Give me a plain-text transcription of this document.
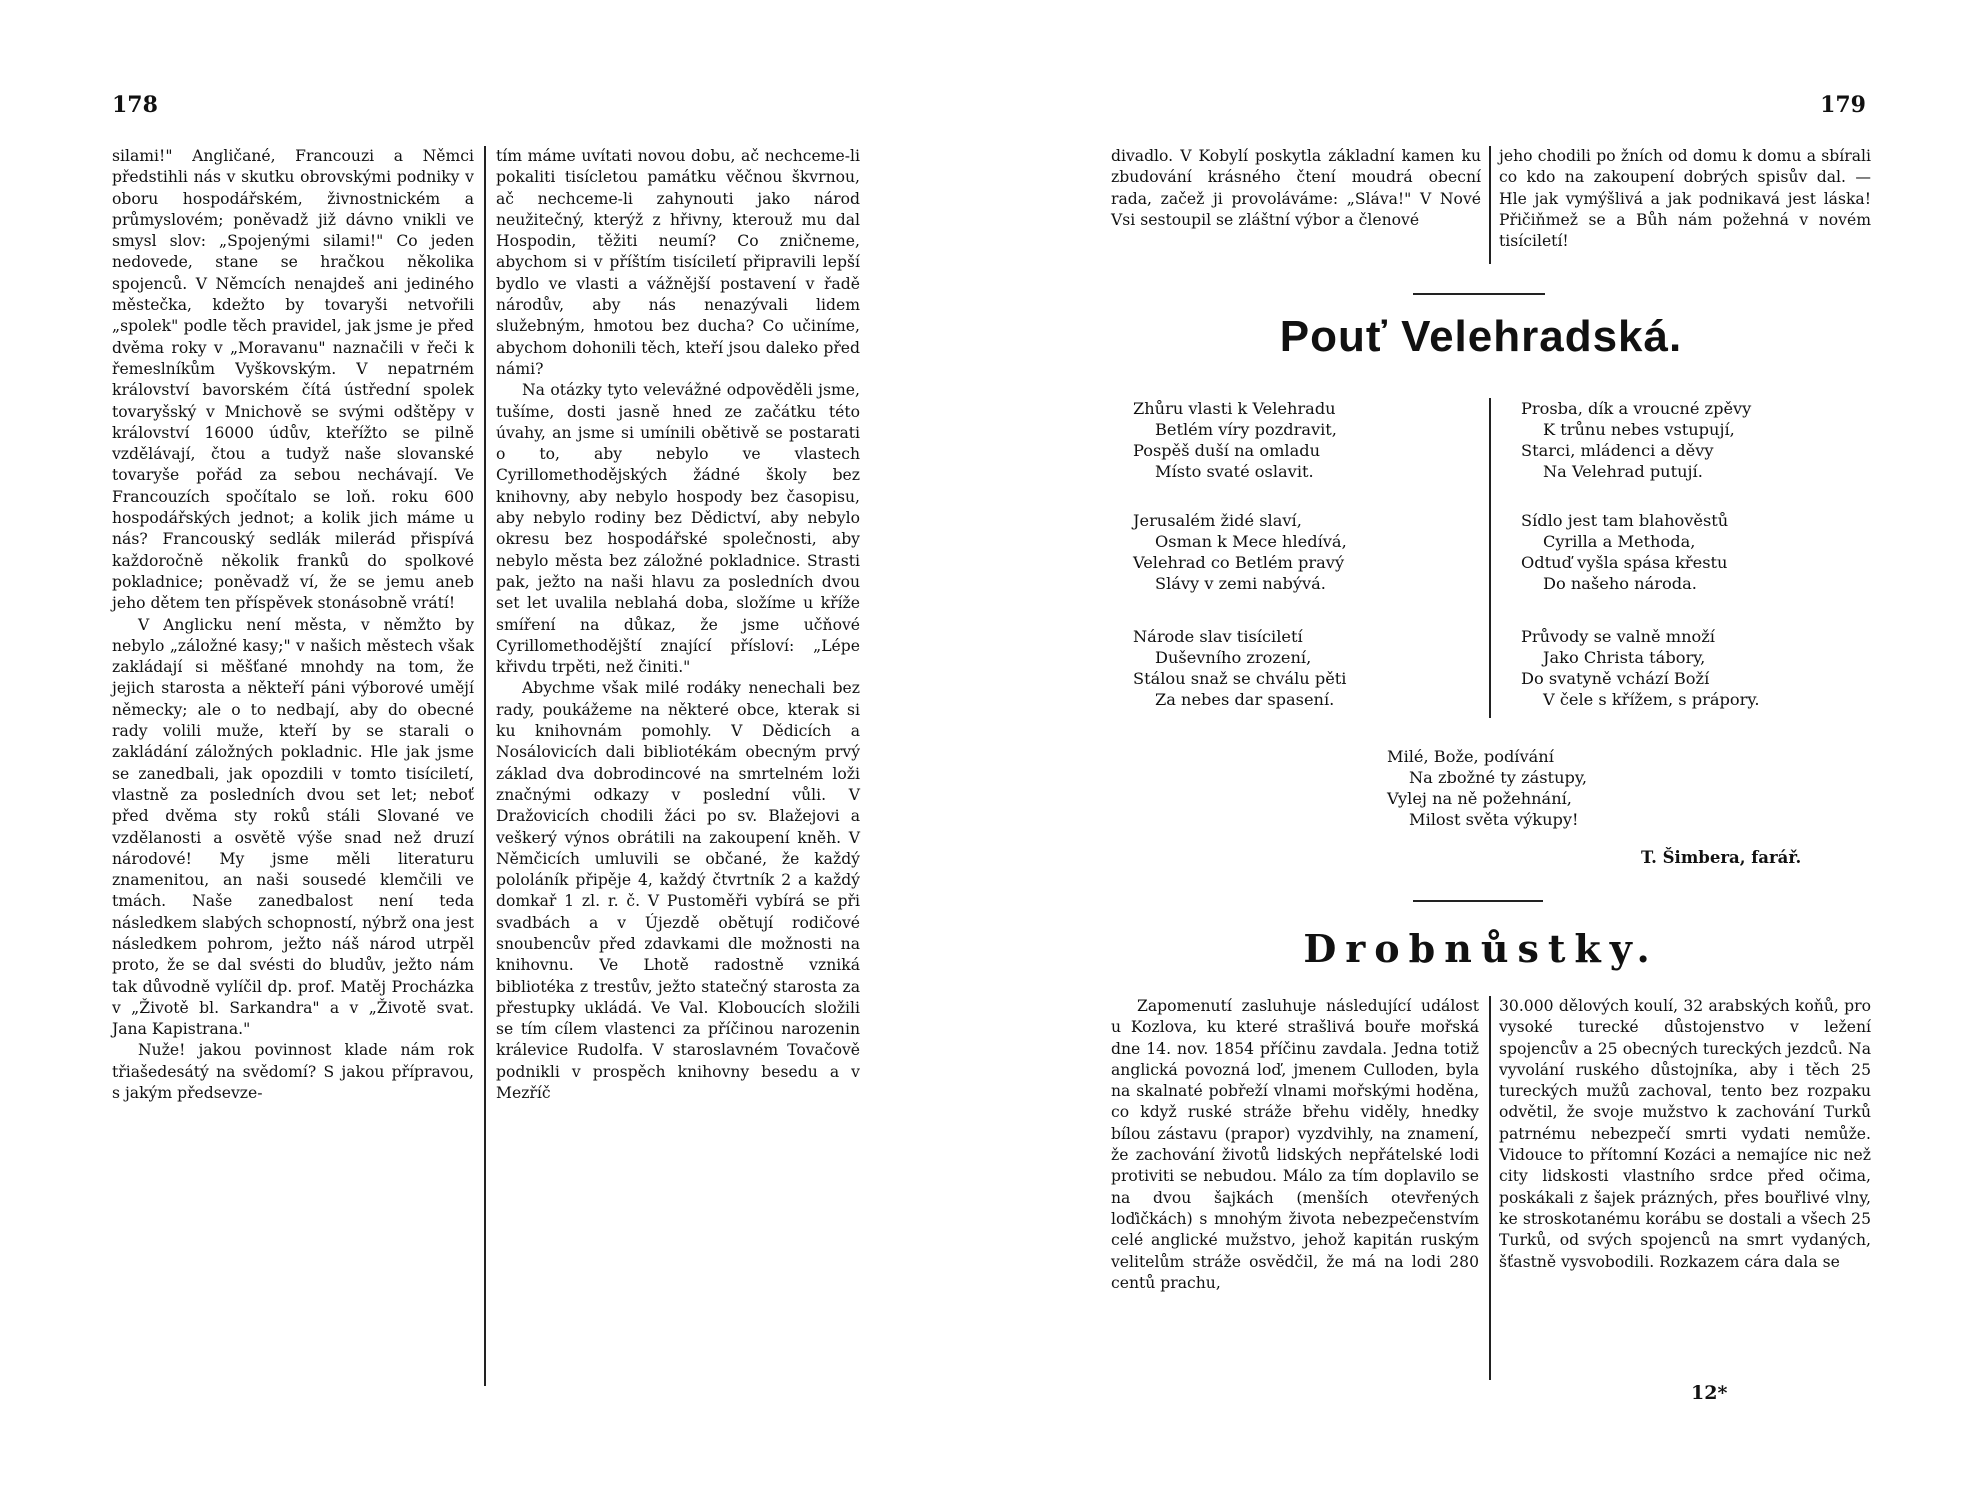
178

silami!" Angličané, Francouzi a Němci předstihli nás v skutku obrovskými podniky v oboru hospodářském, živnostnickém a průmyslovém; poněvadž již dávno vnikli ve smysl slov: „Spojenými silami!" Co jeden nedovede, stane se hračkou několika spojenců. V Němcích nenajdeš ani jediného městečka, kdežto by tovaryši netvořili „spolek" podle těch pravidel, jak jsme je před dvěma roky v „Moravanu" naznačili v řeči k řemeslníkům Vyškovským. V nepatrném království bavorském čítá ústřední spolek tovaryšský v Mnichově se svými odštěpy v království 16000 údův, kteřížto se pilně vzdělávají, čtou a tudyž naše slovanské tovaryše pořád za sebou nechávají. Ve Francouzích spočítalo se loň. roku 600 hospodářských jednot; a kolik jich máme u nás? Francouský sedlák milerád přispívá každoročně několik franků do spolkové pokladnice; poněvadž ví, že se jemu aneb jeho dětem ten příspěvek stonásobně vrátí!

V Anglicku není města, v němžto by nebylo „záložné kasy;" v našich městech však zakládají si měšťané mnohdy na tom, že jejich starosta a někteří páni výborové umějí německy; ale o to nedbají, aby do obecné rady volili muže, kteří by se starali o zakládání záložných pokladnic. Hle jak jsme se zanedbali, jak opozdili v tomto tisíciletí, vlastně za posledních dvou set let; neboť před dvěma sty roků stáli Slované ve vzdělanosti a osvětě výše snad než druzí národové! My jsme měli literaturu znamenitou, an naši sousedé klemčili ve tmách. Naše zanedbalost není teda následkem slabých schopností, nýbrž ona jest následkem pohrom, ježto náš národ utrpěl proto, že se dal svésti do bludův, ježto nám tak důvodně vylíčil dp. prof. Matěj Procházka v „Životě bl. Sarkandra" a v „Životě svat. Jana Kapistrana."

Nuže! jakou povinnost klade nám rok třiašedesátý na svědomí? S jakou přípravou, s jakým předsevze-

tím máme uvítati novou dobu, ač nechceme-li pokaliti tisícletou památku věčnou škvrnou, ač nechceme-li zahynouti jako národ neužitečný, kterýž z hřivny, kterouž mu dal Hospodin, těžiti neumí? Co zničneme, abychom si v příštím tisíciletí připravili lepší bydlo ve vlasti a vážnější postavení v řadě národův, aby nás nenazývali lidem služebným, hmotou bez ducha? Co učiníme, abychom dohonili těch, kteří jsou daleko před námi?

Na otázky tyto velevážné odpověděli jsme, tušíme, dosti jasně hned ze začátku této úvahy, an jsme si umínili obětivě se postarati o to, aby nebylo ve vlastech Cyrillomethodějských žádné školy bez knihovny, aby nebylo hospody bez časopisu, aby nebylo rodiny bez Dědictví, aby nebylo okresu bez hospodářské společnosti, aby nebylo města bez záložné pokladnice. Strasti pak, ježto na naši hlavu za posledních dvou set let uvalila neblahá doba, složíme u kříže smíření na důkaz, že jsme učňové Cyrillomethodějští znající přísloví: „Lépe křivdu trpěti, než činiti."

Abychme však milé rodáky nenechali bez rady, poukážeme na některé obce, kterak si ku knihovnám pomohly. V Dědicích a Nosálovicích dali bibliotékám obecným prvý základ dva dobrodincové na smrtelném loži značnými odkazy v poslední vůli. V Dražovicích chodili žáci po sv. Blažejovi a veškerý výnos obrátili na zakoupení kněh. V Němčicích umluvili se občané, že každý pololáník připěje 4, každý čtvrtník 2 a každý domkař 1 zl. r. č. V Pustoměři vybírá se při svadbách a v Újezdě obětují rodičové snoubencův před zdavkami dle možnosti na knihovnu. Ve Lhotě radostně vzniká bibliotéka z trestův, ježto statečný starosta za přestupky ukládá. Ve Val. Kloboucích složili se tím cílem vlastenci za příčinou narozenin králevice Rudolfa. V staroslavném Tovačově podnikli v prospěch knihovny besedu a v Mezříč

179

divadlo. V Kobylí poskytla základní kamen ku zbudování krásného čtení moudrá obecní rada, začež ji provoláváme: „Sláva!" V Nové Vsi sestoupil se zláštní výbor a členové

jeho chodili po žních od domu k domu a sbírali co kdo na zakoupení dobrých spisův dal. — Hle jak vymýšlivá a jak podnikavá jest láska! Přičiňmež se a Bůh nám požehná v novém tisíciletí!

Pouť Velehradská.
Zhůru vlasti k Velehradu
Betlém víry pozdravit,
Pospěš duší na omladu
Místo svaté oslavit.
Jerusalém židé slaví,
Osman k Mece hledívá,
Velehrad co Betlém pravý
Slávy v zemi nabývá.
Národe slav tisíciletí
Duševního zrození,
Stálou snaž se chválu pěti
Za nebes dar spasení.
Prosba, dík a vroucné zpěvy
K trůnu nebes vstupují,
Starci, mládenci a děvy
Na Velehrad putují.
Sídlo jest tam blahověstů
Cyrilla a Methoda,
Odtuď vyšla spása křestu
Do našeho národa.
Průvody se valně množí
Jako Christa tábory,
Do svatyně vchází Boží
V čele s křížem, s prápory.
Milé, Bože, podívání
Na zbožné ty zástupy,
Vylej na ně požehnání,
Milost světa výkupy!
T. Šimbera, farář.
Drobnůstky.

Zapomenutí zasluhuje následující událost u Kozlova, ku které strašlivá bouře mořská dne 14. nov. 1854 příčinu zavdala. Jedna totiž anglická povozná loď, jmenem Culloden, byla na skalnaté pobřeží vlnami mořskými hoděna, co když ruské stráže břehu viděly, hnedky bílou zástavu (prapor) vyzdvihly, na znamení, že zachování životů lidských nepřátelské lodi protiviti se nebudou. Málo za tím doplavilo se na dvou šajkách (menších otevřených loďičkách) s mnohým života nebezpečenstvím celé anglické mužstvo, jehož kapitán ruským velitelům stráže osvědčil, že má na lodi 280 centů prachu,

30.000 dělových koulí, 32 arabských koňů, pro vysoké turecké důstojenstvo v ležení spojencův a 25 obecných tureckých jezdců. Na vyvolání ruského důstojníka, aby i těch 25 tureckých mužů zachoval, tento bez rozpaku odvětil, že svoje mužstvo k zachování Turků patrnému nebezpečí smrti vydati nemůže. Vidouce to přítomní Kozáci a nemajíce nic než city lidskosti vlastního srdce před očima, poskákali z šajek prázných, přes bouřlivé vlny, ke stroskotanému korábu se dostali a všech 25 Turků, od svých spojenců na smrt vydaných, šťastně vysvobodili. Rozkazem cára dala se

12*
